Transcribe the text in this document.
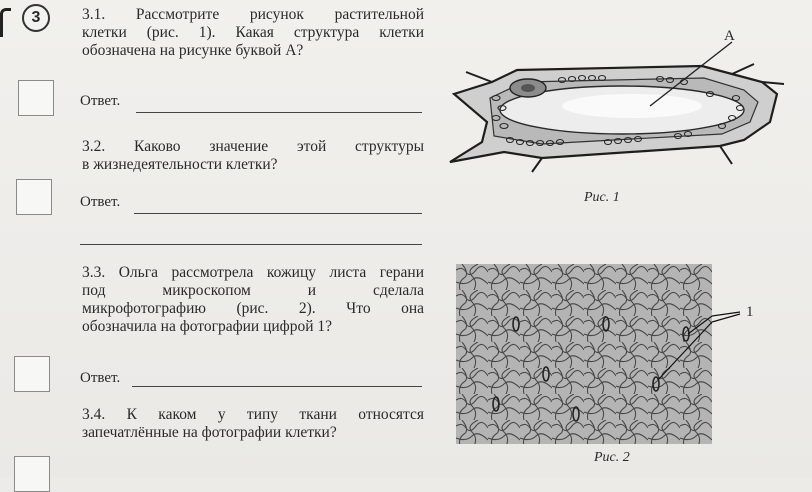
3	3.1. Рассмотрите рисунок растительной
клетки (рис. 1). Какая структура клетки
обозначена на рисунке буквой А?
Ответ.
3.2. Каково значение этой структуры
в жизнедеятельности клетки?
Ответ.
3.3. Ольга рассмотрела кожицу листа герани
под микроскопом и сделала
микрофотографию (рис. 2). Что она
обозначила на фотографии цифрой 1?
Ответ.
3.4. К каком у типу ткани относятся
запечатлённые на фотографии клетки?
А
Рис. 1
1
Рис. 2
